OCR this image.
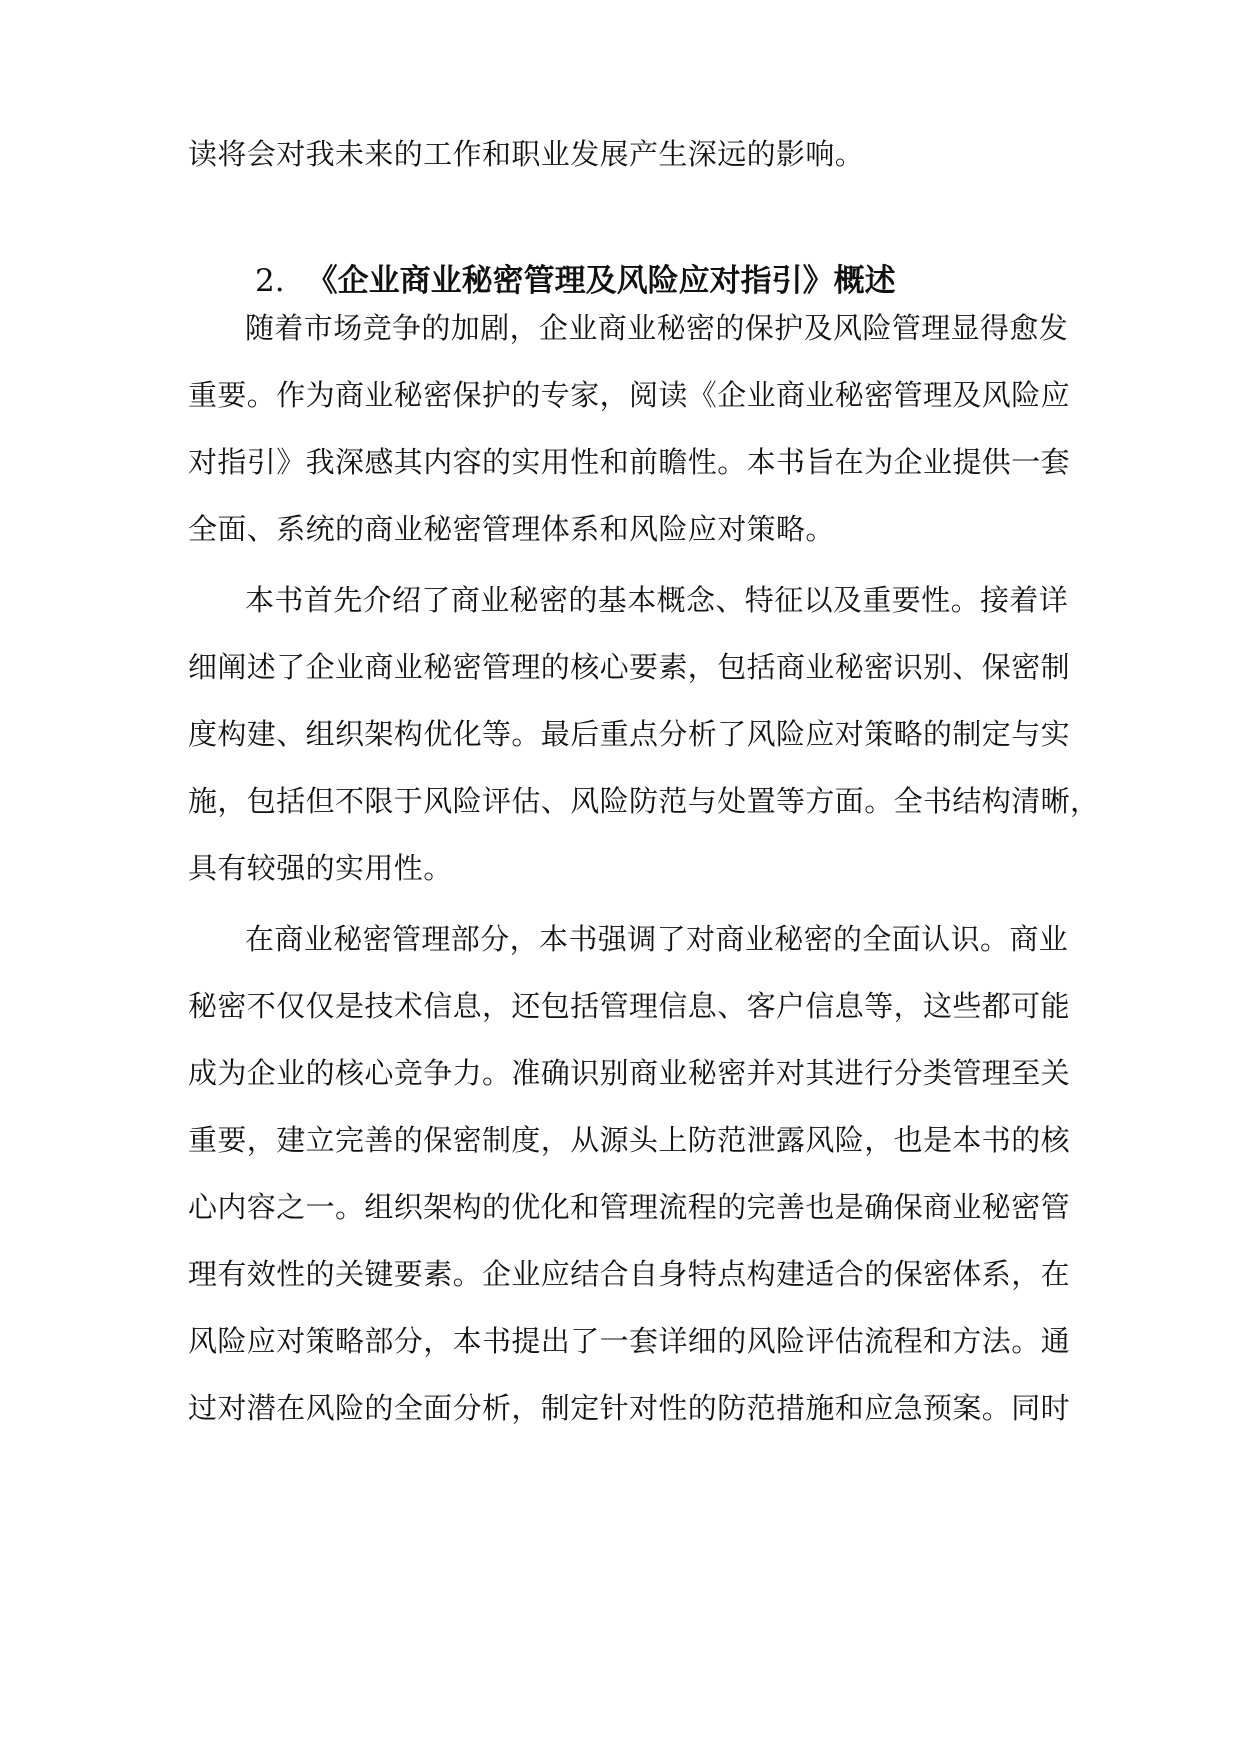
读将会对我未来的工作和职业发展产生深远的影响。
2. 《企业商业秘密管理及风险应对指引》概述
随着市场竞争的加剧，企业商业秘密的保护及风险管理显得愈发
重要。作为商业秘密保护的专家，阅读《企业商业秘密管理及风险应
对指引》我深感其内容的实用性和前瞻性。本书旨在为企业提供一套
全面、系统的商业秘密管理体系和风险应对策略。
本书首先介绍了商业秘密的基本概念、特征以及重要性。接着详
细阐述了企业商业秘密管理的核心要素，包括商业秘密识别、保密制
度构建、组织架构优化等。最后重点分析了风险应对策略的制定与实
施，包括但不限于风险评估、风险防范与处置等方面。全书结构清晰，
具有较强的实用性。
在商业秘密管理部分，本书强调了对商业秘密的全面认识。商业
秘密不仅仅是技术信息，还包括管理信息、客户信息等，这些都可能
成为企业的核心竞争力。准确识别商业秘密并对其进行分类管理至关
重要，建立完善的保密制度，从源头上防范泄露风险，也是本书的核
心内容之一。组织架构的优化和管理流程的完善也是确保商业秘密管
理有效性的关键要素。企业应结合自身特点构建适合的保密体系，在
风险应对策略部分，本书提出了一套详细的风险评估流程和方法。通
过对潜在风险的全面分析，制定针对性的防范措施和应急预案。同时
